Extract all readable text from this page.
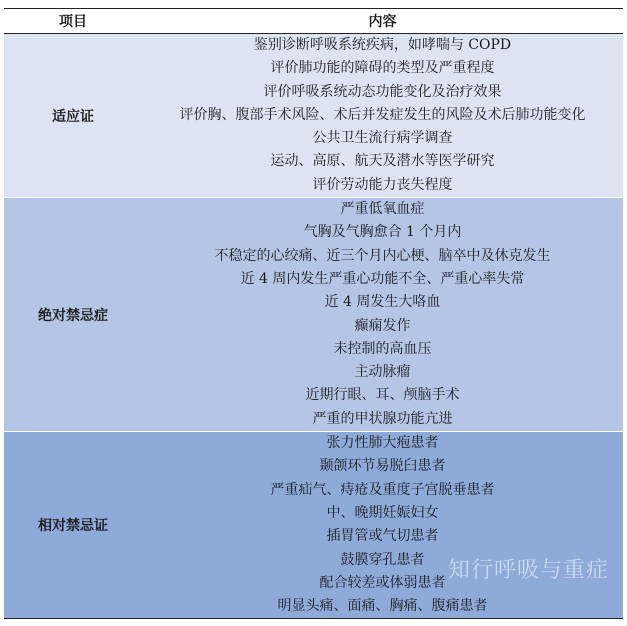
项目	内容
适应证
鉴别诊断呼吸系统疾病，如哮喘与 COPD
评价肺功能的障碍的类型及严重程度
评价呼吸系统动态功能变化及治疗效果
评价胸、腹部手术风险、术后并发症发生的风险及术后肺功能变化
公共卫生流行病学调查
运动、高原、航天及潜水等医学研究
评价劳动能力丧失程度
绝对禁忌症
严重低氧血症
气胸及气胸愈合 1 个月内
不稳定的心绞痛、近三个月内心梗、脑卒中及休克发生
近 4 周内发生严重心功能不全、严重心率失常
近 4 周发生大咯血
癫痫发作
未控制的高血压
主动脉瘤
近期行眼、耳、颅脑手术
严重的甲状腺功能亢进
相对禁忌证
张力性肺大疱患者
颞颌环节易脱臼患者
严重疝气、痔疮及重度子宫脱垂患者
中、晚期妊娠妇女
插胃管或气切患者
鼓膜穿孔患者
配合较差或体弱患者
明显头痛、面痛、胸痛、腹痛患者
知行呼吸与重症
